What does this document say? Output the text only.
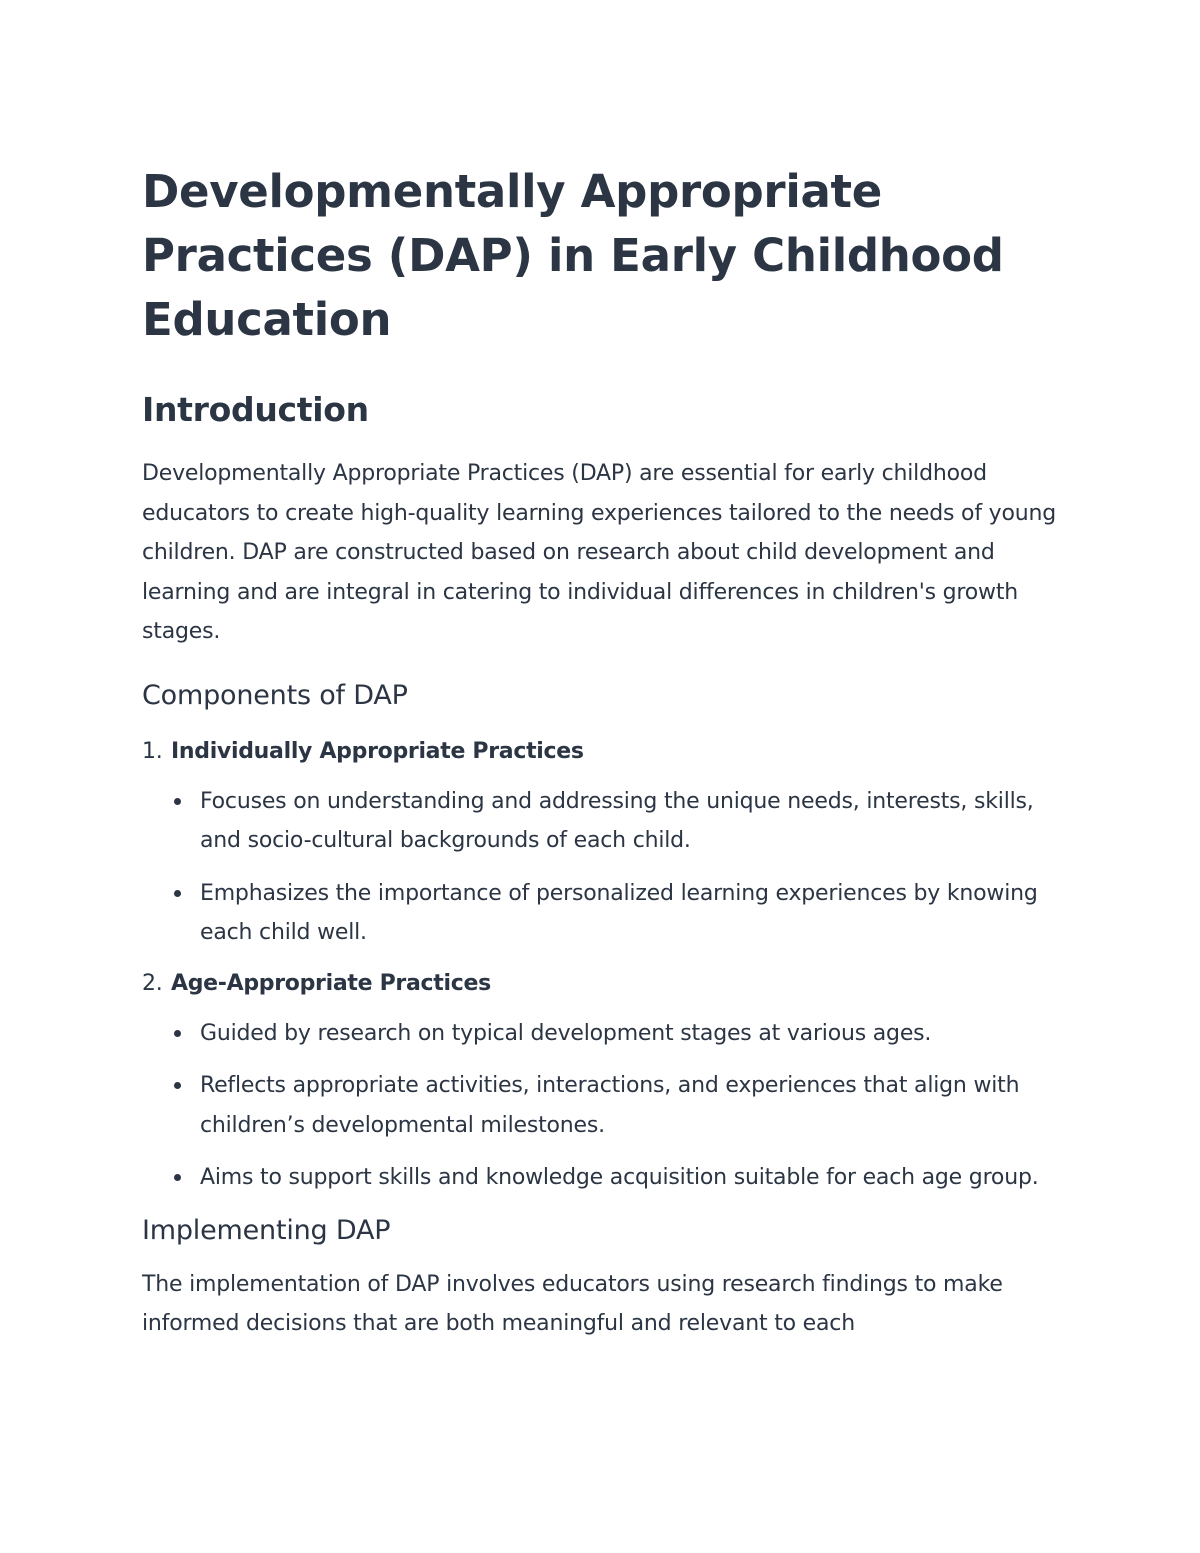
Developmentally Appropriate Practices (DAP) in Early Childhood Education
Introduction

Developmentally Appropriate Practices (DAP) are essential for early childhood educators to create high-quality learning experiences tailored to the needs of young children. DAP are constructed based on research about child development and learning and are integral in catering to individual differences in children's growth stages.

Components of DAP
1. Individually Appropriate Practices
Focuses on understanding and addressing the unique needs, interests, skills, and socio-cultural backgrounds of each child.
Emphasizes the importance of personalized learning experiences by knowing each child well.
2. Age-Appropriate Practices
Guided by research on typical development stages at various ages.
Reflects appropriate activities, interactions, and experiences that align with children’s developmental milestones.
Aims to support skills and knowledge acquisition suitable for each age group.
Implementing DAP

The implementation of DAP involves educators using research findings to make informed decisions that are both meaningful and relevant to each
